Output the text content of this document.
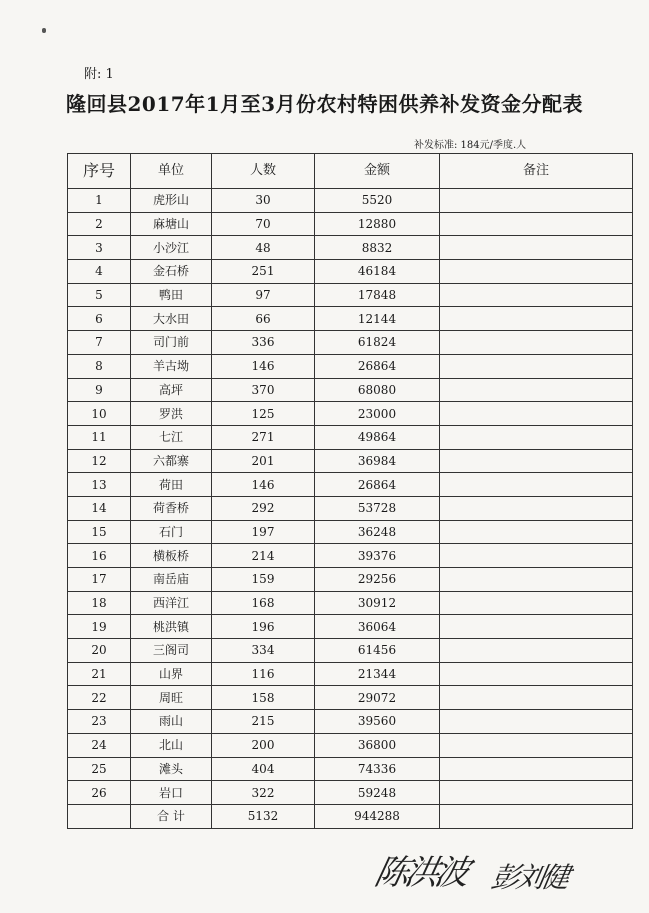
附: 1
隆回县2017年1月至3月份农村特困供养补发资金分配表
补发标准: 184元/季度.人
序号	单位	人数	金额	备注
1	虎形山	30	5520	
2	麻塘山	70	12880	
3	小沙江	48	8832	
4	金石桥	251	46184	
5	鸭田	97	17848	
6	大水田	66	12144	
7	司门前	336	61824	
8	羊古坳	146	26864	
9	高坪	370	68080	
10	罗洪	125	23000	
11	七江	271	49864	
12	六都寨	201	36984	
13	荷田	146	26864	
14	荷香桥	292	53728	
15	石门	197	36248	
16	横板桥	214	39376	
17	南岳庙	159	29256	
18	西洋江	168	30912	
19	桃洪镇	196	36064	
20	三阁司	334	61456	
21	山界	116	21344	
22	周旺	158	29072	
23	雨山	215	39560	
24	北山	200	36800	
25	滩头	404	74336	
26	岩口	322	59248	
	合 计	5132	944288	
陈洪波 彭刘健
